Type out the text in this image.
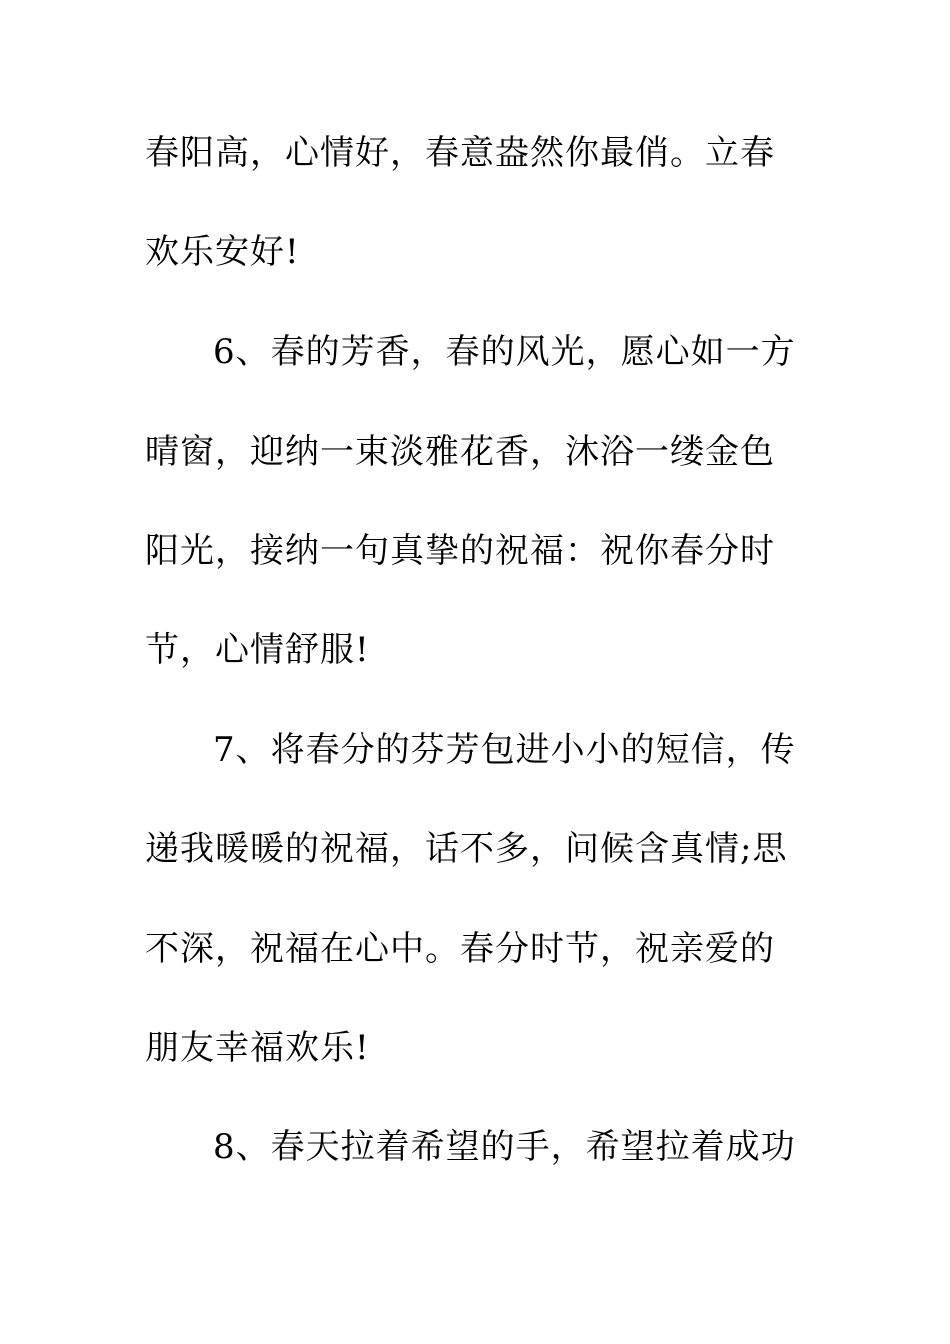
春阳高，心情好，春意盎然你最俏。立春
欢乐安好!
6、春的芳香，春的风光，愿心如一方
晴窗，迎纳一束淡雅花香，沐浴一缕金色
阳光，接纳一句真挚的祝福：祝你春分时
节，心情舒服!
7、将春分的芬芳包进小小的短信，传
递我暖暖的祝福，话不多，问候含真情;思
不深，祝福在心中。春分时节，祝亲爱的
朋友幸福欢乐!
8、春天拉着希望的手，希望拉着成功
